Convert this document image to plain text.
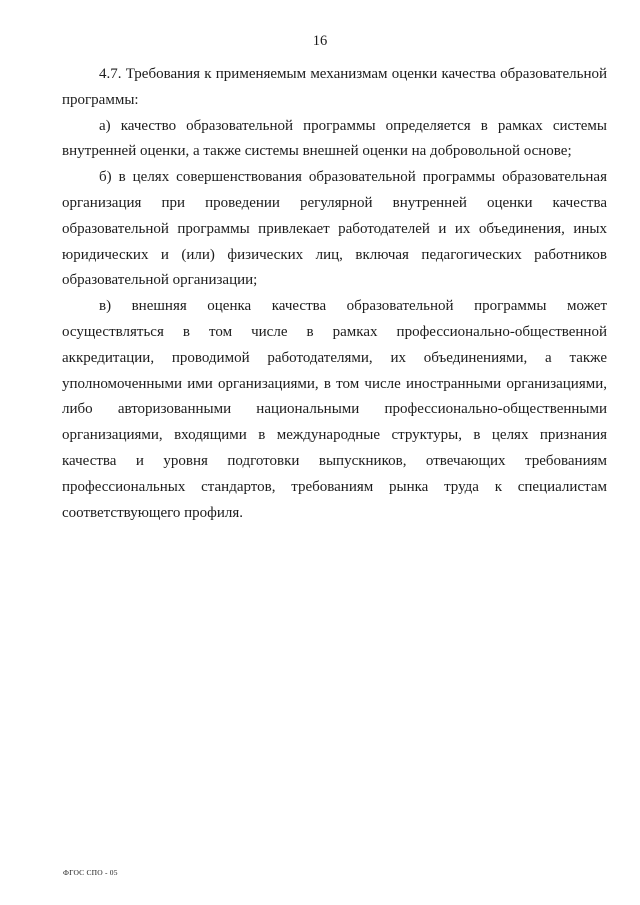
16

4.7. Требования к применяемым механизмам оценки качества образовательной программы:

а) качество образовательной программы определяется в рамках системы внутренней оценки, а также системы внешней оценки на добровольной основе;

б) в целях совершенствования образовательной программы образовательная организация при проведении регулярной внутренней оценки качества образовательной программы привлекает работодателей и их объединения, иных юридических и (или) физических лиц, включая педагогических работников образовательной организации;

в) внешняя оценка качества образовательной программы может осуществляться в том числе в рамках профессионально-общественной аккредитации, проводимой работодателями, их объединениями, а также уполномоченными ими организациями, в том числе иностранными организациями, либо авторизованными национальными профессионально-общественными организациями, входящими в международные структуры, в целях признания качества и уровня подготовки выпускников, отвечающих требованиям профессиональных стандартов, требованиям рынка труда к специалистам соответствующего профиля.

ФГОС СПО - 05
